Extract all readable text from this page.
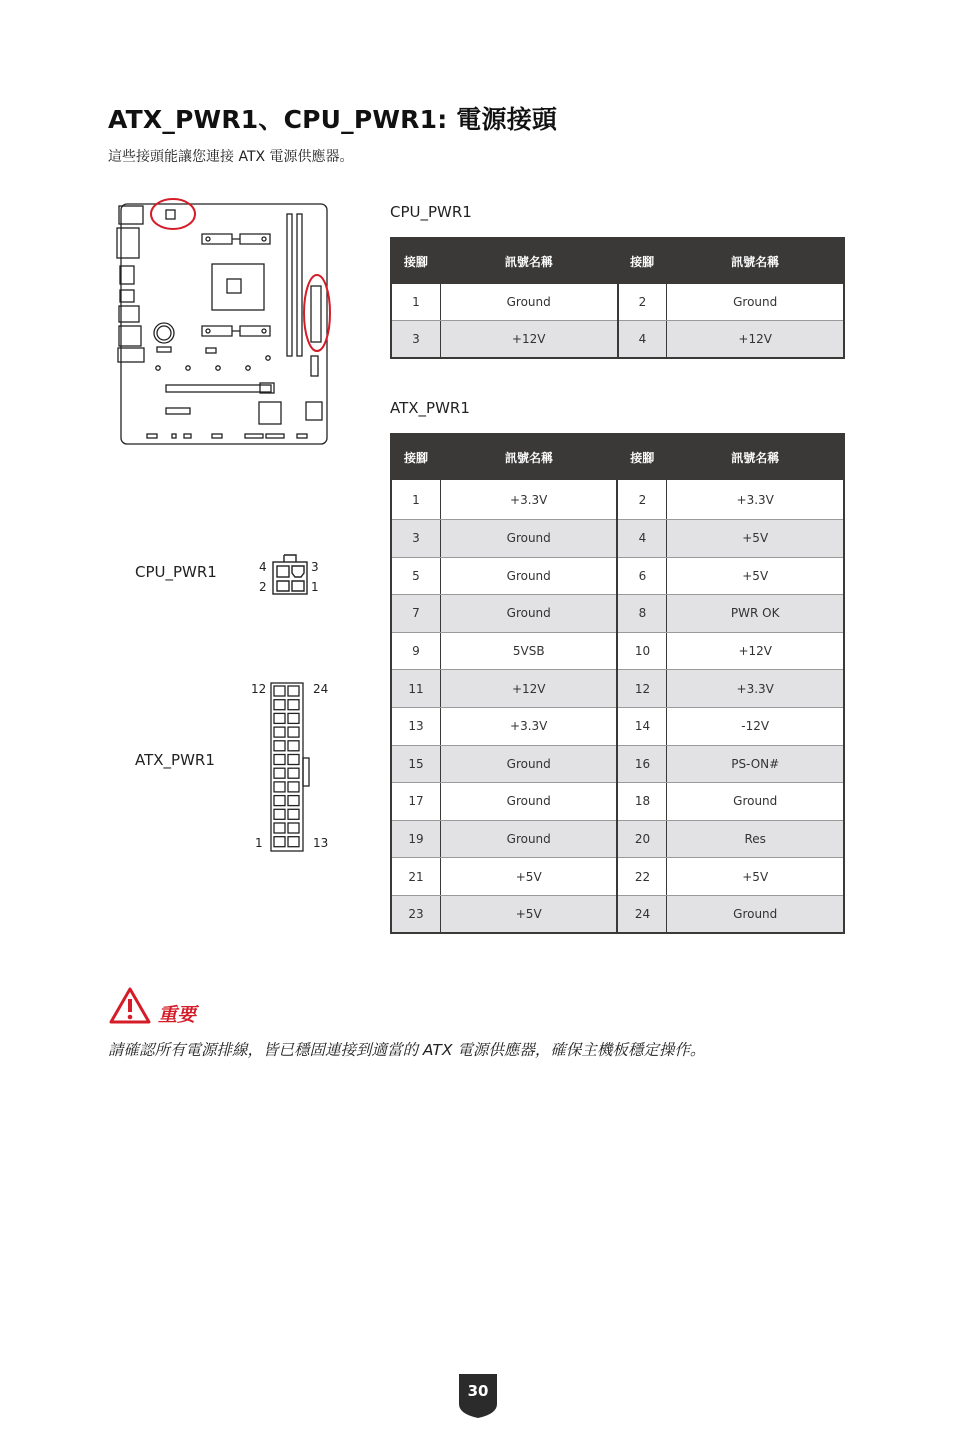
ATX_PWR1、CPU_PWR1: 電源接頭
這些接頭能讓您連接 ATX 電源供應器。
CPU_PWR1	4	3
2	1
ATX_PWR1
12	24
1	13
CPU_PWR1
接腳	訊號名稱	接腳	訊號名稱
1	Ground	2	Ground
3	+12V	4	+12V
ATX_PWR1
接腳	訊號名稱	接腳	訊號名稱
1	+3.3V	2	+3.3V
3	Ground	4	+5V
5	Ground	6	+5V
7	Ground	8	PWR OK
9	5VSB	10	+12V
11	+12V	12	+3.3V
13	+3.3V	14	-12V
15	Ground	16	PS-ON#
17	Ground	18	Ground
19	Ground	20	Res
21	+5V	22	+5V
23	+5V	24	Ground
重要
請確認所有電源排線，皆已穩固連接到適當的 ATX 電源供應器，確保主機板穩定操作。
30
